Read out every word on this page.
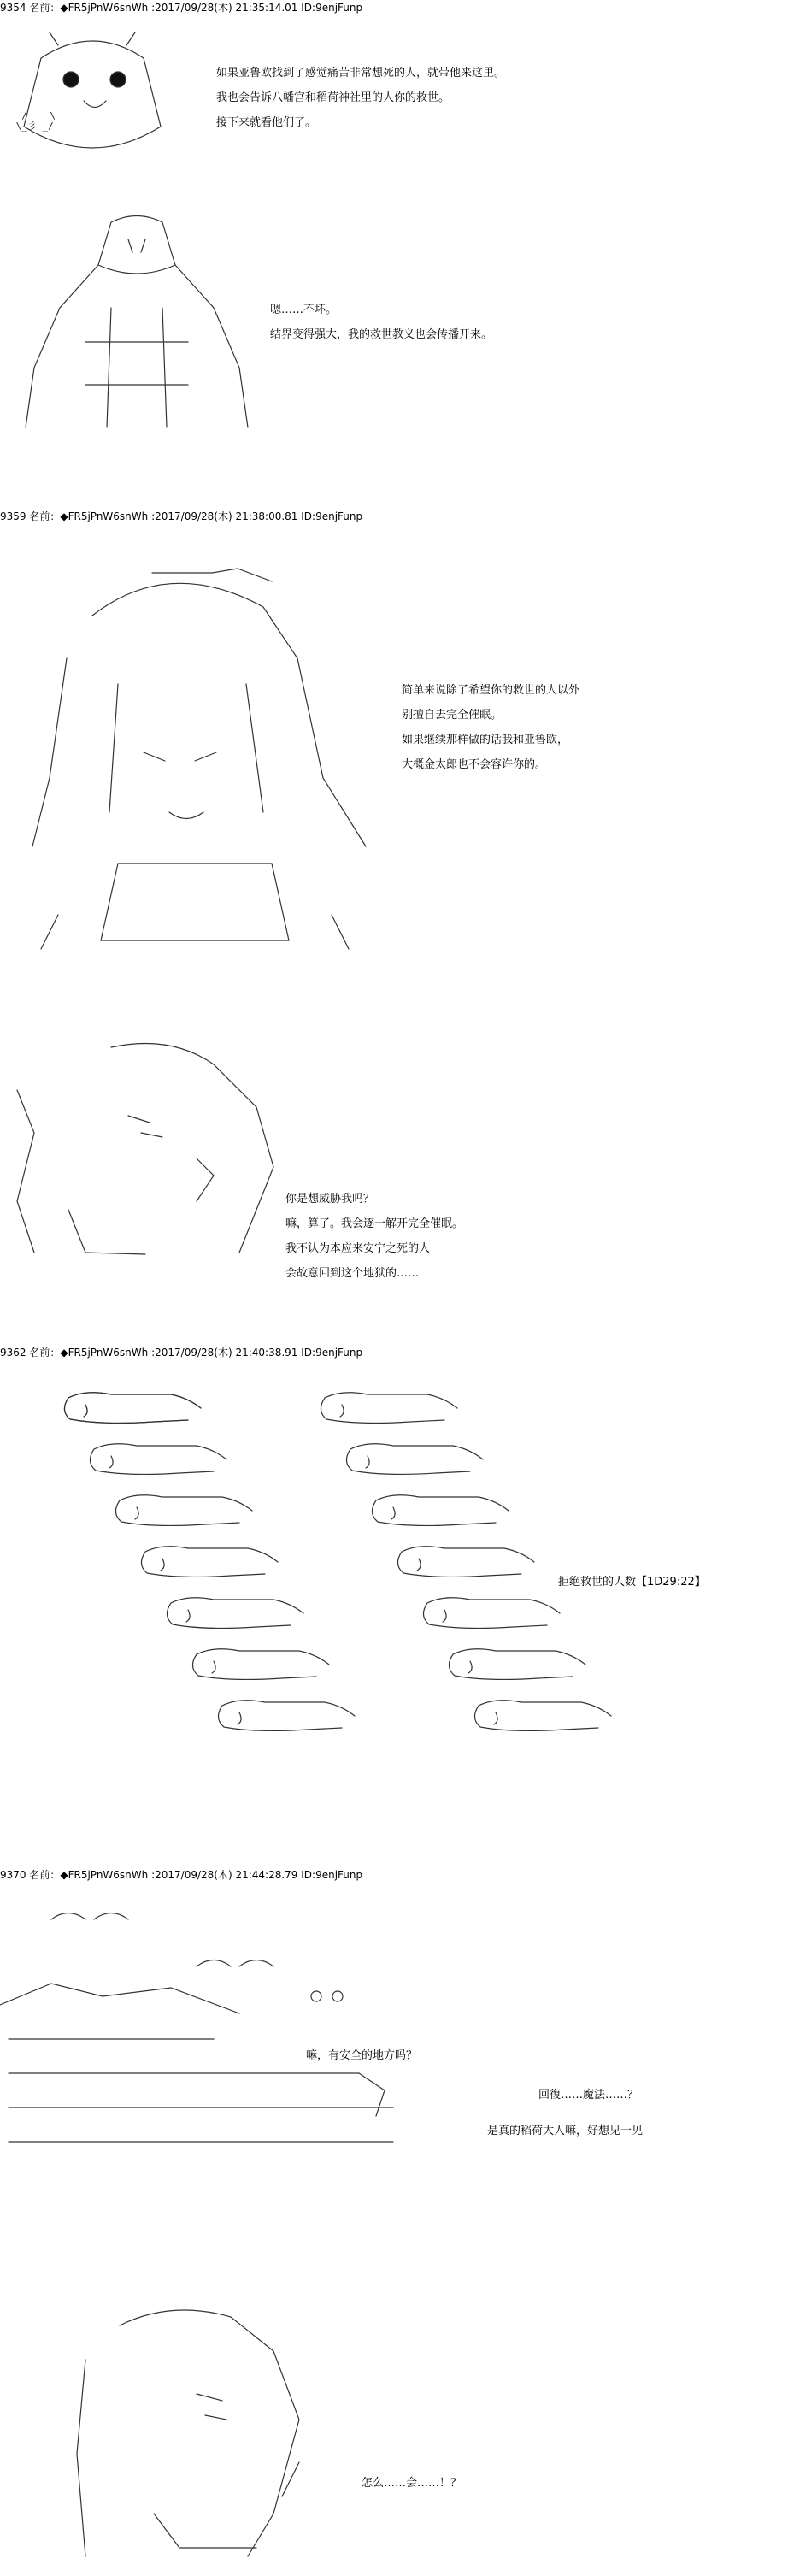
9354 名前：◆FR5jPnW6snWh :2017/09/28(木) 21:35:14.01 ID:9enjFunp
/    \
\_彡 _/
如果亚鲁欧找到了感觉痛苦非常想死的人，就带他来这里。
我也会告诉八幡宫和稻荷神社里的人你的救世。
接下来就看他们了。
嗯……不坏。
结界变得强大，我的救世教义也会传播开来。
9359 名前：◆FR5jPnW6snWh :2017/09/28(木) 21:38:00.81 ID:9enjFunp
简单来说除了希望你的救世的人以外
别擅自去完全催眠。
如果继续那样做的话我和亚鲁欧，
大概金太郎也不会容许你的。
你是想威胁我吗？
嘛，算了。我会逐一解开完全催眠。
我不认为本应来安宁之死的人
会故意回到这个地狱的……
9362 名前：◆FR5jPnW6snWh :2017/09/28(木) 21:40:38.91 ID:9enjFunp
拒绝救世的人数【1D29:22】
9370 名前：◆FR5jPnW6snWh :2017/09/28(木) 21:44:28.79 ID:9enjFunp
嘛，有安全的地方吗？
回復……魔法……？
是真的稻荷大人嘛，好想见一见
怎么……会……！？
